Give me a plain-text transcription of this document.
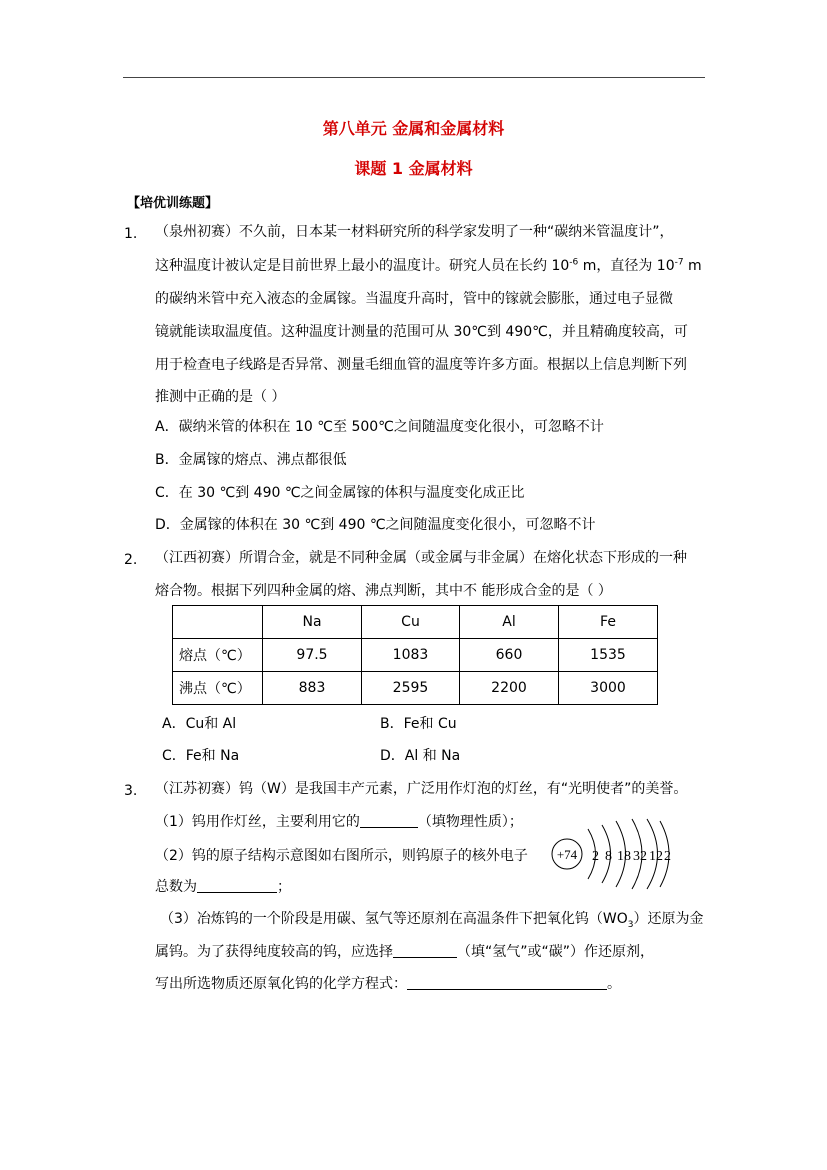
第八单元 金属和金属材料
课题 1 金属材料
【培优训练题】
1. （泉州初赛）不久前，日本某一材料研究所的科学家发明了一种“碳纳米管温度计”，
这种温度计被认定是目前世界上最小的温度计。研究人员在长约 $10^{-6}$ m，直径为 $10^{-7}$ m
的碳纳米管中充入液态的金属镓。当温度升高时，管中的镓就会膨胀，通过电子显微
镜就能读取温度值。这种温度计测量的范围可从 30℃到 490℃，并且精确度较高，可
用于检查电子线路是否异常、测量毛细血管的温度等许多方面。根据以上信息判断下列
推测中正确的是（ ）
A．碳纳米管的体积在 10 ℃至 500℃之间随温度变化很小，可忽略不计
B．金属镓的熔点、沸点都很低
C．在 30 ℃到 490 ℃之间金属镓的体积与温度变化成正比
D．金属镓的体积在 30 ℃到 490 ℃之间随温度变化很小，可忽略不计
2. （江西初赛）所谓合金，就是不同种金属（或金属与非金属）在熔化状态下形成的一种
熔合物。根据下列四种金属的熔、沸点判断，其中不 能形成合金的是（ ）
	Na	Cu	Al	Fe
熔点（℃）	97.5	1083	660	1535
沸点（℃）	883	2595	2200	3000
A．Cu和 Al	B．Fe和 Cu
C．Fe和 Na	D．Al 和 Na
3. （江苏初赛）钨（W）是我国丰产元素，广泛用作灯泡的灯丝，有“光明使者”的美誉。
（1）钨用作灯丝，主要利用它的	（填物理性质）；
（2）钨的原子结构示意图如右图所示，则钨原子的核外电子
总数为	；
+74 2 8 18 32 12 2
（3）冶炼钨的一个阶段是用碳、氢气等还原剂在高温条件下把氧化钨$(WO_3)$还原为金
属钨。为了获得纯度较高的钨，应选择	（填“氢气”或“碳”）作还原剂，
写出所选物质还原氧化钨的化学方程式：	。
